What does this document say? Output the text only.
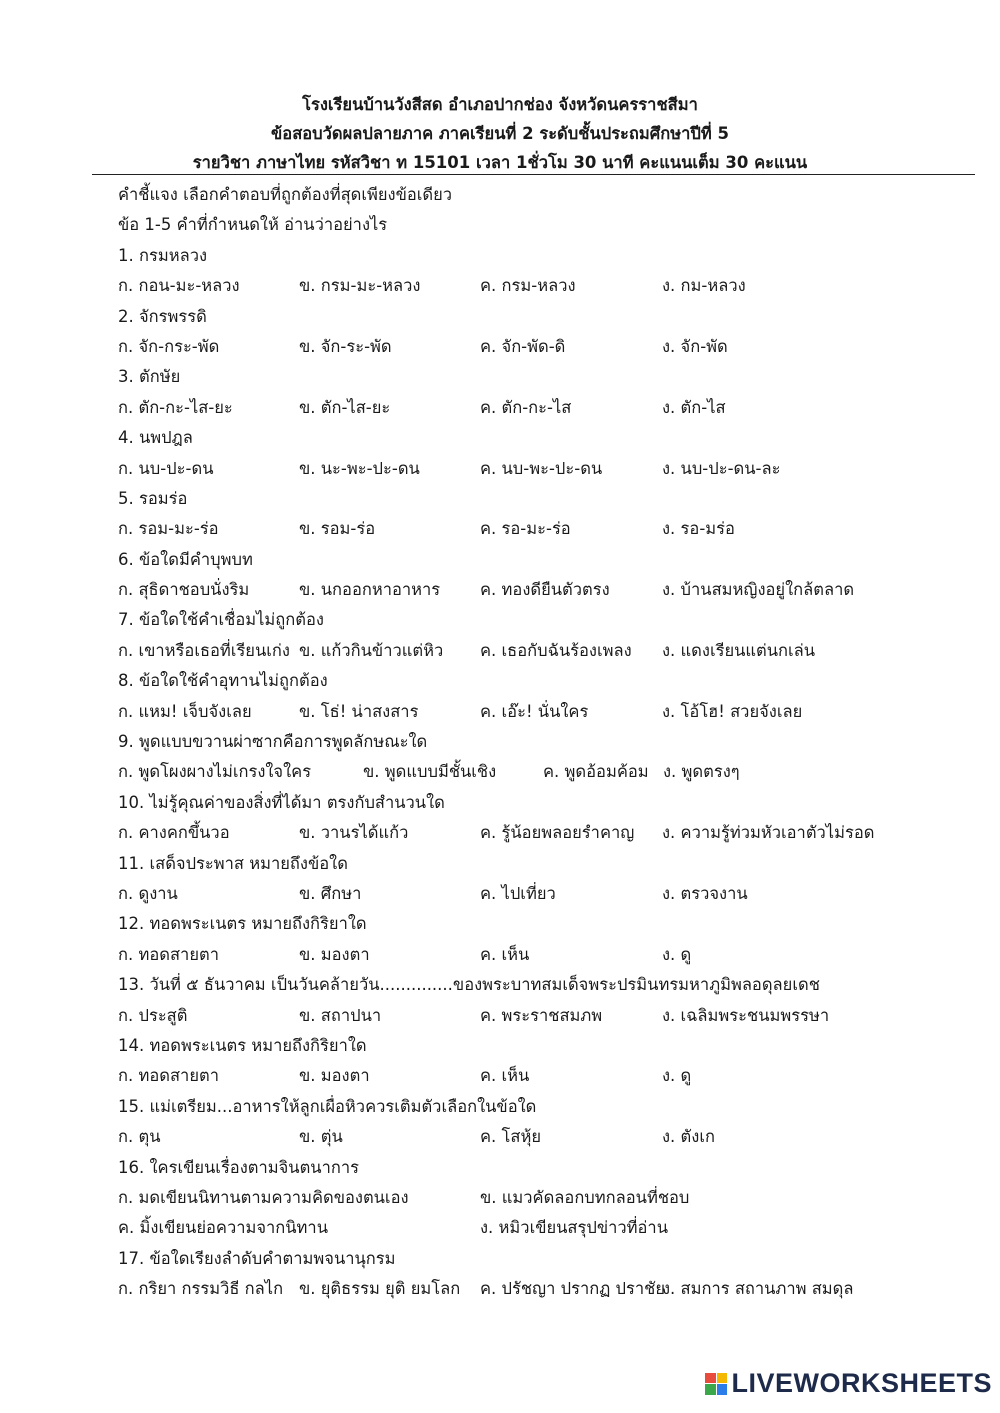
โรงเรียนบ้านวังสีสด อำเภอปากช่อง จังหวัดนครราชสีมา
ข้อสอบวัดผลปลายภาค ภาคเรียนที่ 2 ระดับชั้นประถมศึกษาปีที่ 5
รายวิชา ภาษาไทย รหัสวิชา ท 15101 เวลา 1ชั่วโม 30 นาที คะแนนเต็ม 30 คะแนน
คำชี้แจง เลือกคำตอบที่ถูกต้องที่สุดเพียงข้อเดียว
ข้อ 1-5 คำที่กำหนดให้ อ่านว่าอย่างไร
1. กรมหลวง
ก. กอน-มะ-หลวง	ข. กรม-มะ-หลวง	ค. กรม-หลวง	ง. กม-หลวง
2. จักรพรรดิ
ก. จัก-กระ-พัด	ข. จัก-ระ-พัด	ค. จัก-พัด-ดิ	ง. จัก-พัด
3. ตักษัย
ก. ตัก-กะ-ไส-ยะ	ข. ตัก-ไส-ยะ	ค. ตัก-กะ-ไส	ง. ตัก-ไส
4. นพปฎล
ก. นบ-ปะ-ดน	ข. นะ-พะ-ปะ-ดน	ค. นบ-พะ-ปะ-ดน	ง. นบ-ปะ-ดน-ละ
5. รอมร่อ
ก. รอม-มะ-ร่อ	ข. รอม-ร่อ	ค. รอ-มะ-ร่อ	ง. รอ-มร่อ
6. ข้อใดมีคำบุพบท
ก. สุธิดาชอบนั่งริม	ข. นกออกหาอาหาร ค. ทองดียืนตัวตรง	ง. บ้านสมหญิงอยู่ใกล้ตลาด
7. ข้อใดใช้คำเชื่อมไม่ถูกต้อง
ก. เขาหรือเธอที่เรียนเก่ง ข. แก้วกินข้าวแต่หิว ค. เธอกับฉันร้องเพลง ง. แดงเรียนแต่นกเล่น
8. ข้อใดใช้คำอุทานไม่ถูกต้อง
ก. แหม! เจ็บจังเลย	ข. โธ่! น่าสงสาร	ค. เอ๊ะ! นั่นใคร	ง. โอ้โฮ! สวยจังเลย
9. พูดแบบขวานผ่าซากคือการพูดลักษณะใด
ก. พูดโผงผางไม่เกรงใจใคร	ข. พูดแบบมีชั้นเชิง	ค. พูดอ้อมค้อม ง. พูดตรงๆ
10. ไม่รู้คุณค่าของสิ่งที่ได้มา ตรงกับสำนวนใด
ก. คางคกขึ้นวอ	ข. วานรได้แก้ว	ค. รู้น้อยพลอยรำคาญ ง. ความรู้ท่วมหัวเอาตัวไม่รอด
11. เสด็จประพาส หมายถึงข้อใด
ก. ดูงาน	ข. ศึกษา	ค. ไปเที่ยว	ง. ตรวจงาน
12. ทอดพระเนตร หมายถึงกิริยาใด
ก. ทอดสายตา	ข. มองตา	ค. เห็น	ง. ดู
13. วันที่ ๕ ธันวาคม เป็นวันคล้ายวัน..............ของพระบาทสมเด็จพระปรมินทรมหาภูมิพลอดุลยเดช
ก. ประสูติ	ข. สถาปนา	ค. พระราชสมภพ	ง. เฉลิมพระชนมพรรษา
14. ทอดพระเนตร หมายถึงกิริยาใด
ก. ทอดสายตา	ข. มองตา	ค. เห็น	ง. ดู
15. แม่เตรียม...อาหารให้ลูกเผื่อหิวควรเติมตัวเลือกในข้อใด
ก. ตุน	ข. ตุ่น	ค. โสหุ้ย	ง. ตังเก
16. ใครเขียนเรื่องตามจินตนาการ
ก. มดเขียนนิทานตามความคิดของตนเอง	ข. แมวคัดลอกบทกลอนที่ชอบ
ค. มิ้งเขียนย่อความจากนิทาน	ง. หมิวเขียนสรุปข่าวที่อ่าน
17. ข้อใดเรียงลำดับคำตามพจนานุกรม
ก. กริยา กรรมวิธี กลไก ข. ยุติธรรม ยุติ ยมโลก ค. ปรัชญา ปรากฏ ปราชัย
ง. สมการ สถานภาพ สมดุล
LIVEWORKSHEETS
